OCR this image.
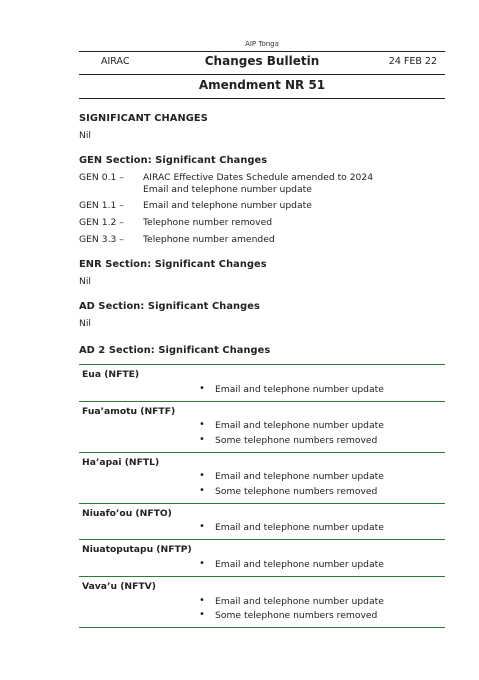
AIP Tonga
AIRAC	Changes Bulletin	24 FEB 22
Amendment NR 51
SIGNIFICANT CHANGES
Nil
GEN Section: Significant Changes
GEN 0.1 – AIRAC Effective Dates Schedule amended to 2024
Email and telephone number update
GEN 1.1 – Email and telephone number update
GEN 1.2 – Telephone number removed
GEN 3.3 – Telephone number amended
ENR Section: Significant Changes
Nil
AD Section: Significant Changes
Nil
AD 2 Section: Significant Changes
Eua (NFTE)
• Email and telephone number update
Fua’amotu (NFTF)
• Email and telephone number update
• Some telephone numbers removed
Ha’apai (NFTL)
• Email and telephone number update
• Some telephone numbers removed
Niuafo’ou (NFTO)
• Email and telephone number update
Niuatoputapu (NFTP)
• Email and telephone number update
Vava’u (NFTV)
• Email and telephone number update
• Some telephone numbers removed
